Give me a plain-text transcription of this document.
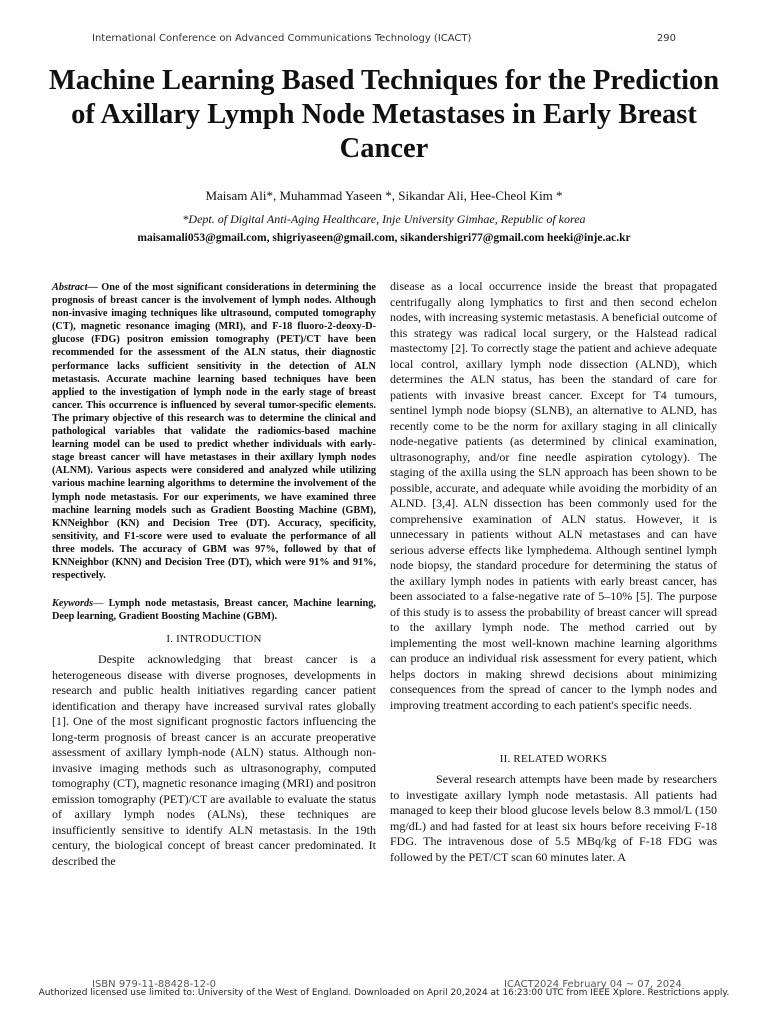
International Conference on Advanced Communications Technology (ICACT)	290
Machine Learning Based Techniques for the Prediction of Axillary Lymph Node Metastases in Early Breast Cancer
Maisam Ali*, Muhammad Yaseen *, Sikandar Ali, Hee-Cheol Kim *
*Dept. of Digital Anti-Aging Healthcare, Inje University Gimhae, Republic of korea
maisamali053@gmail.com, shigriyaseen@gmail.com, sikandershigri77@gmail.com heeki@inje.ac.kr

Abstract— One of the most significant considerations in determining the prognosis of breast cancer is the involvement of lymph nodes. Although non-invasive imaging techniques like ultrasound, computed tomography (CT), magnetic resonance imaging (MRI), and F-18 fluoro-2-deoxy-D-glucose (FDG) positron emission tomography (PET)/CT have been recommended for the assessment of the ALN status, their diagnostic performance lacks sufficient sensitivity in the detection of ALN metastasis. Accurate machine learning based techniques have been applied to the investigation of lymph node in the early stage of breast cancer. This occurrence is influenced by several tumor-specific elements. The primary objective of this research was to determine the clinical and pathological variables that validate the radiomics-based machine learning model can be used to predict whether individuals with early-stage breast cancer will have metastases in their axillary lymph nodes (ALNM). Various aspects were considered and analyzed while utilizing various machine learning algorithms to determine the involvement of the lymph node metastasis. For our experiments, we have examined three machine learning models such as Gradient Boosting Machine (GBM), KNNeighbor (KN) and Decision Tree (DT). Accuracy, specificity, sensitivity, and F1-score were used to evaluate the performance of all three models. The accuracy of GBM was 97%, followed by that of KNNeighbor (KNN) and Decision Tree (DT), which were 91% and 91%, respectively.

Keywords— Lymph node metastasis, Breast cancer, Machine learning, Deep learning, Gradient Boosting Machine (GBM).

I. INTRODUCTION

Despite acknowledging that breast cancer is a heterogeneous disease with diverse prognoses, developments in research and public health initiatives regarding cancer patient identification and therapy have increased survival rates globally [1]. One of the most significant prognostic factors influencing the long-term prognosis of breast cancer is an accurate preoperative assessment of axillary lymph-node (ALN) status. Although non-invasive imaging methods such as ultrasonography, computed tomography (CT), magnetic resonance imaging (MRI) and positron emission tomography (PET)/CT are available to evaluate the status of axillary lymph nodes (ALNs), these techniques are insufficiently sensitive to identify ALN metastasis. In the 19th century, the biological concept of breast cancer predominated. It described the

disease as a local occurrence inside the breast that propagated centrifugally along lymphatics to first and then second echelon nodes, with increasing systemic metastasis. A beneficial outcome of this strategy was radical local surgery, or the Halstead radical mastectomy [2]. To correctly stage the patient and achieve adequate local control, axillary lymph node dissection (ALND), which determines the ALN status, has been the standard of care for patients with invasive breast cancer. Except for T4 tumours, sentinel lymph node biopsy (SLNB), an alternative to ALND, has recently come to be the norm for axillary staging in all clinically node-negative patients (as determined by clinical examination, ultrasonography, and/or fine needle aspiration cytology). The staging of the axilla using the SLN approach has been shown to be possible, accurate, and adequate while avoiding the morbidity of an ALND. [3,4]. ALN dissection has been commonly used for the comprehensive examination of ALN status. However, it is unnecessary in patients without ALN metastases and can have serious adverse effects like lymphedema. Although sentinel lymph node biopsy, the standard procedure for determining the status of the axillary lymph nodes in patients with early breast cancer, has been associated to a false-negative rate of 5–10% [5]. The purpose of this study is to assess the probability of breast cancer will spread to the axillary lymph node. The method carried out by implementing the most well-known machine learning algorithms can produce an individual risk assessment for every patient, which helps doctors in making shrewd decisions about minimizing consequences from the spread of cancer to the lymph nodes and improving treatment according to each patient's specific needs.

II. RELATED WORKS

Several research attempts have been made by researchers to investigate axillary lymph node metastasis. All patients had managed to keep their blood glucose levels below 8.3 mmol/L (150 mg/dL) and had fasted for at least six hours before receiving F-18 FDG. The intravenous dose of 5.5 MBq/kg of F-18 FDG was followed by the PET/CT scan 60 minutes later. A

ISBN 979-11-88428-12-0	ICACT2024 February 04 ~ 07, 2024
Authorized licensed use limited to: University of the West of England. Downloaded on April 20,2024 at 16:23:00 UTC from IEEE Xplore. Restrictions apply.
